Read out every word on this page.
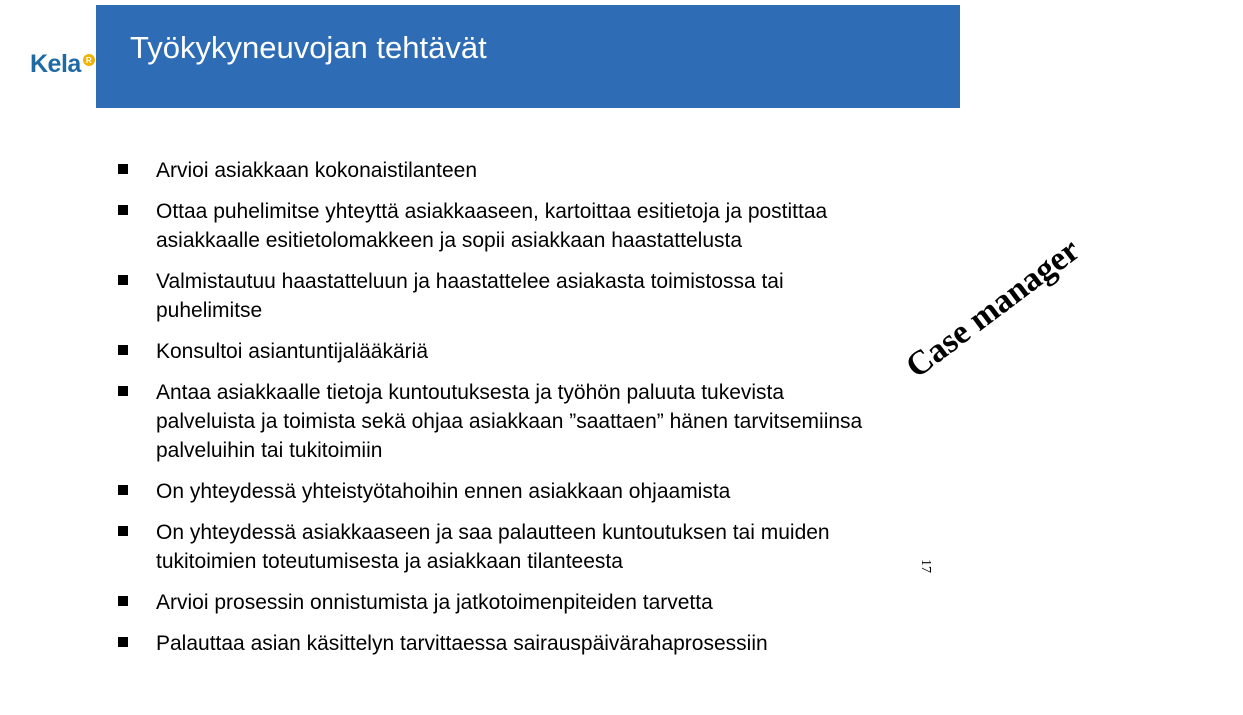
Kela R Työkykyneuvojan tehtävät
Arvioi asiakkaan kokonaistilanteen
Ottaa puhelimitse yhteyttä asiakkaaseen, kartoittaa esitietoja ja postittaa asiakkaalle esitietolomakkeen ja sopii asiakkaan haastattelusta
Valmistautuu haastatteluun ja haastattelee asiakasta toimistossa tai puhelimitse
Konsultoi asiantuntijalääkäriä
Antaa asiakkaalle tietoja kuntoutuksesta ja työhön paluuta tukevista palveluista ja toimista sekä ohjaa asiakkaan ”saattaen” hänen tarvitsemiinsa palveluihin tai tukitoimiin
On yhteydessä yhteistyötahoihin ennen asiakkaan ohjaamista
On yhteydessä asiakkaaseen ja saa palautteen kuntoutuksen tai muiden tukitoimien toteutumisesta ja asiakkaan tilanteesta
Arvioi prosessin onnistumista ja jatkotoimenpiteiden tarvetta
Palauttaa asian käsittelyn tarvittaessa sairauspäivärahaprosessiin
Case manager
17
